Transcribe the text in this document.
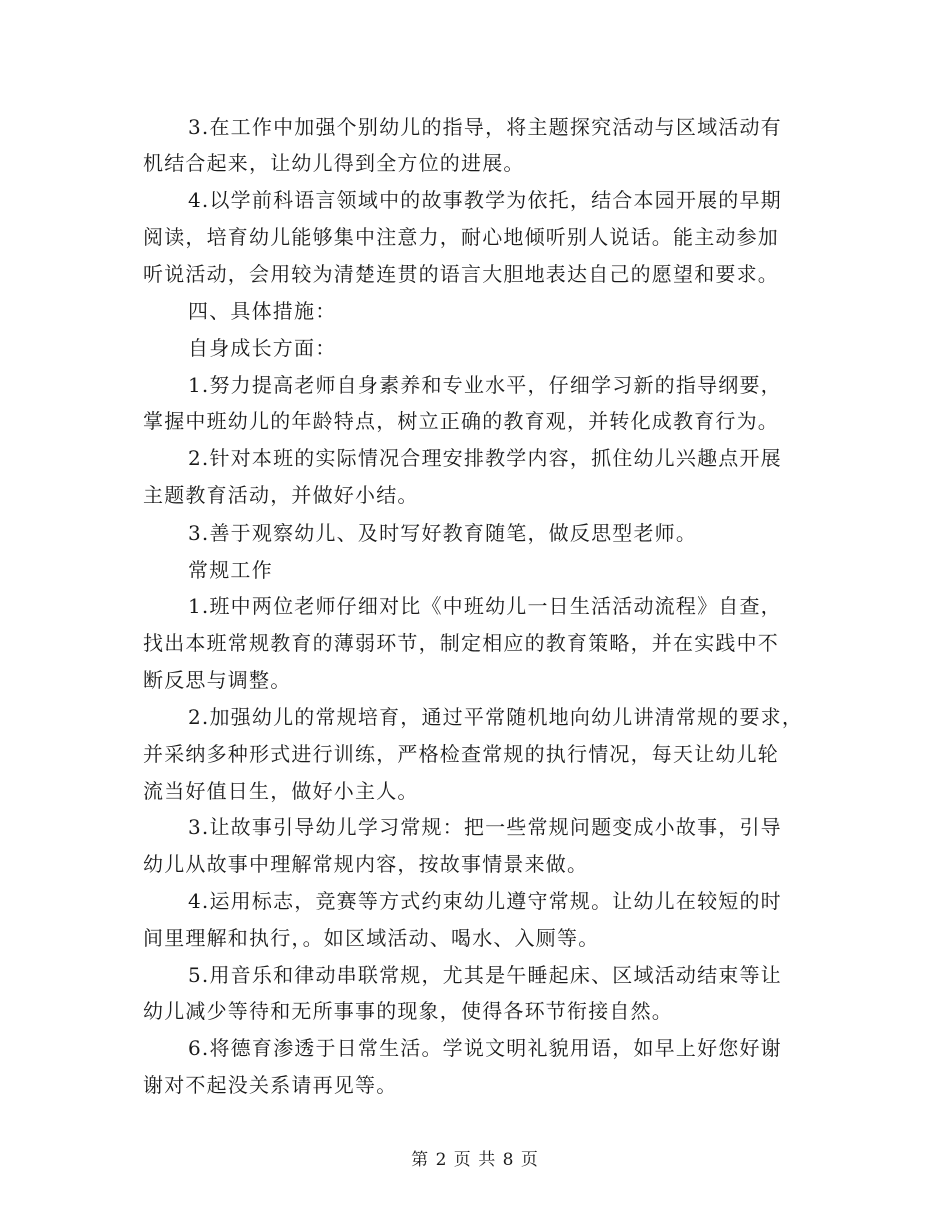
3.在工作中加强个别幼儿的指导，将主题探究活动与区域活动有
机结合起来，让幼儿得到全方位的进展。
4.以学前科语言领域中的故事教学为依托，结合本园开展的早期
阅读，培育幼儿能够集中注意力，耐心地倾听别人说话。能主动参加
听说活动，会用较为清楚连贯的语言大胆地表达自己的愿望和要求。
四、具体措施：
自身成长方面：
1.努力提高老师自身素养和专业水平，仔细学习新的指导纲要，
掌握中班幼儿的年龄特点，树立正确的教育观，并转化成教育行为。
2.针对本班的实际情况合理安排教学内容，抓住幼儿兴趣点开展
主题教育活动，并做好小结。
3.善于观察幼儿、及时写好教育随笔，做反思型老师。
常规工作
1.班中两位老师仔细对比《中班幼儿一日生活活动流程》自查，
找出本班常规教育的薄弱环节，制定相应的教育策略，并在实践中不
断反思与调整。
2.加强幼儿的常规培育，通过平常随机地向幼儿讲清常规的要求，
并采纳多种形式进行训练，严格检查常规的执行情况，每天让幼儿轮
流当好值日生，做好小主人。
3.让故事引导幼儿学习常规：把一些常规问题变成小故事，引导
幼儿从故事中理解常规内容，按故事情景来做。
4.运用标志，竞赛等方式约束幼儿遵守常规。让幼儿在较短的时
间里理解和执行，。如区域活动、喝水、入厕等。
5.用音乐和律动串联常规，尤其是午睡起床、区域活动结束等让
幼儿减少等待和无所事事的现象，使得各环节衔接自然。
6.将德育渗透于日常生活。学说文明礼貌用语，如早上好您好谢
谢对不起没关系请再见等。
第 2 页 共 8 页
